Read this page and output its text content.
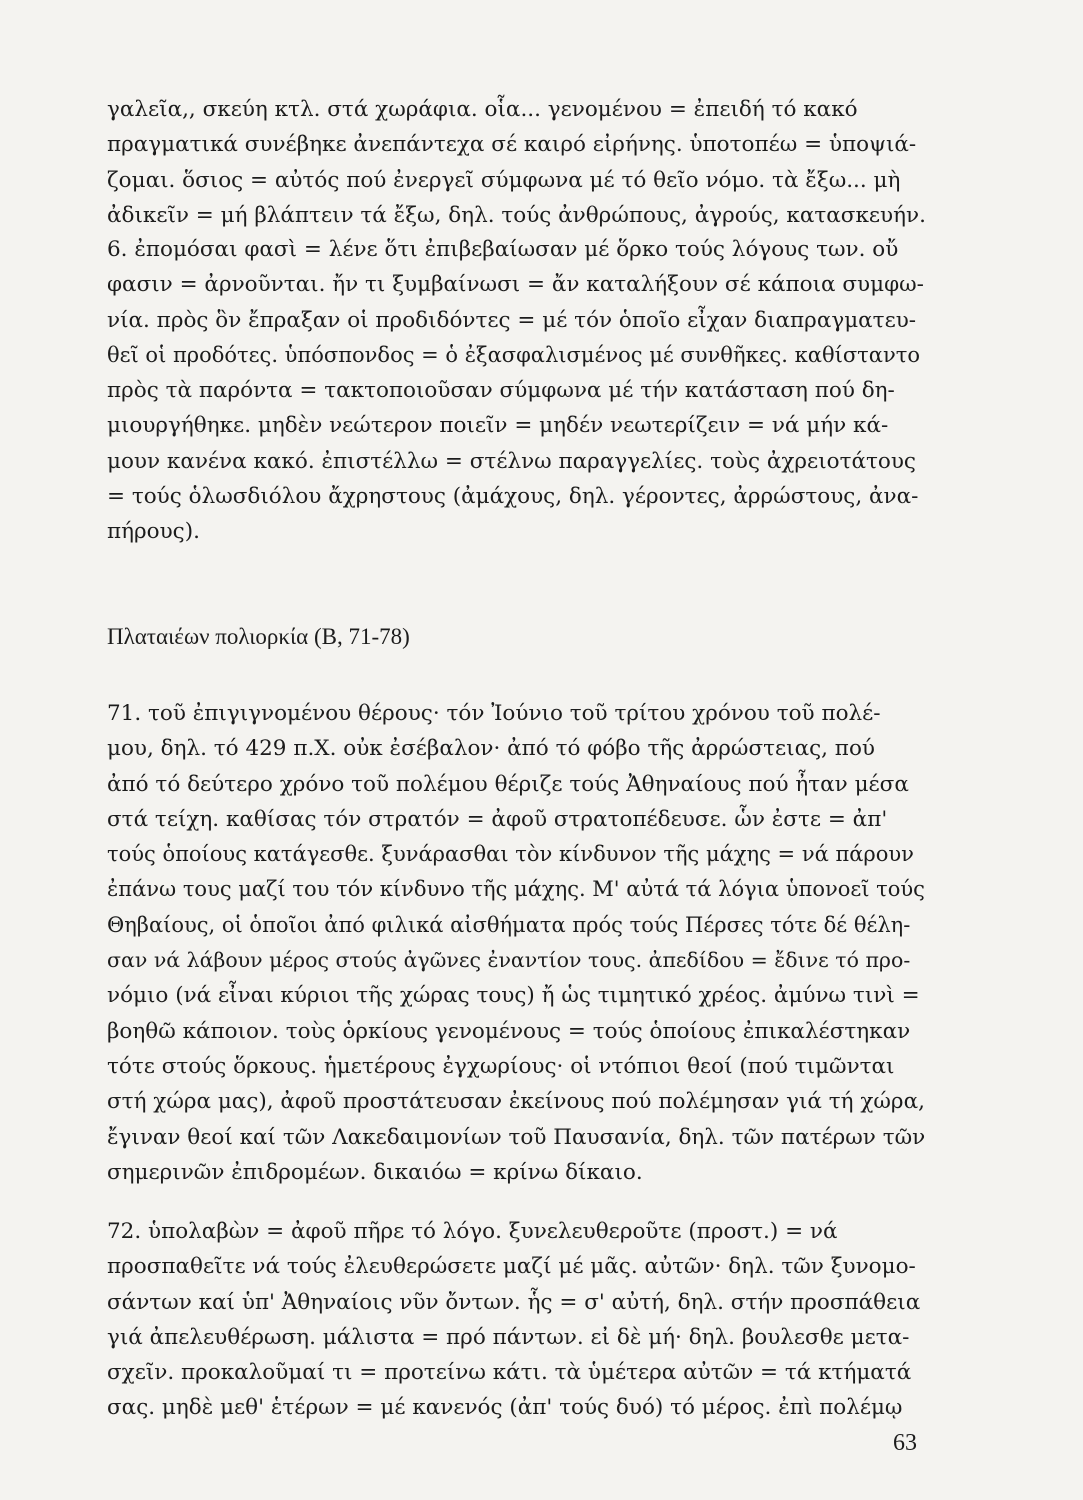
γαλεῖα,, σκεύη κτλ. στά χωράφια. οἷα... γενομένου = ἐπειδή τό κακό
πραγματικά συνέβηκε ἀνεπάντεχα σέ καιρό εἰρήνης. ὑποτοπέω = ὑποψιά-
ζομαι. ὅσιος = αὐτός πού ἐνεργεῖ σύμφωνα μέ τό θεῖο νόμο. τὰ ἔξω... μὴ
ἀδικεῖν = μή βλάπτειν τά ἔξω, δηλ. τούς ἀνθρώπους, ἀγρούς, κατασκευήν.
6. ἐπομόσαι φασὶ = λένε ὅτι ἐπιβεβαίωσαν μέ ὅρκο τούς λόγους των. οὔ
φασιν = ἀρνοῦνται. ἤν τι ξυμβαίνωσι = ἄν καταλήξουν σέ κάποια συμφω-
νία. πρὸς ὃν ἔπραξαν οἱ προδιδόντες = μέ τόν ὁποῖο εἶχαν διαπραγματευ-
θεῖ οἱ προδότες. ὑπόσπονδος = ὁ ἐξασφαλισμένος μέ συνθῆκες. καθίσταντο
πρὸς τὰ παρόντα = τακτοποιοῦσαν σύμφωνα μέ τήν κατάσταση πού δη-
μιουργήθηκε. μηδὲν νεώτερον ποιεῖν = μηδέν νεωτερίζειν = νά μήν κά-
μουν κανένα κακό. ἐπιστέλλω = στέλνω παραγγελίες. τοὺς ἀχρειοτάτους
= τούς ὁλωσδιόλου ἄχρηστους (ἀμάχους, δηλ. γέροντες, ἀρρώστους, ἀνα-
πήρους).
Πλαταιέων πολιορκία (Β, 71-78)
71. τοῦ ἐπιγιγνομένου θέρους· τόν Ἰούνιο τοῦ τρίτου χρόνου τοῦ πολέ-
μου, δηλ. τό 429 π.Χ. οὐκ ἐσέβαλον· ἀπό τό φόβο τῆς ἀρρώστειας, πού
ἀπό τό δεύτερο χρόνο τοῦ πολέμου θέριζε τούς Ἀθηναίους πού ἦταν μέσα
στά τείχη. καθίσας τόν στρατόν = ἀφοῦ στρατοπέδευσε. ὧν ἐστε = ἀπ'
τούς ὁποίους κατάγεσθε. ξυνάρασθαι τὸν κίνδυνον τῆς μάχης = νά πάρουν
ἐπάνω τους μαζί του τόν κίνδυνο τῆς μάχης. Μ' αὐτά τά λόγια ὑπονοεῖ τούς
Θηβαίους, οἱ ὁποῖοι ἀπό φιλικά αἰσθήματα πρός τούς Πέρσες τότε δέ θέλη-
σαν νά λάβουν μέρος στούς ἀγῶνες ἐναντίον τους. ἀπεδίδου = ἔδινε τό προ-
νόμιο (νά εἶναι κύριοι τῆς χώρας τους) ἤ ὡς τιμητικό χρέος. ἀμύνω τινὶ =
βοηθῶ κάποιον. τοὺς ὁρκίους γενομένους = τούς ὁποίους ἐπικαλέστηκαν
τότε στούς ὅρκους. ἡμετέρους ἐγχωρίους· οἱ ντόπιοι θεοί (πού τιμῶνται
στή χώρα μας), ἀφοῦ προστάτευσαν ἐκείνους πού πολέμησαν γιά τή χώρα,
ἔγιναν θεοί καί τῶν Λακεδαιμονίων τοῦ Παυσανία, δηλ. τῶν πατέρων τῶν
σημερινῶν ἐπιδρομέων. δικαιόω = κρίνω δίκαιο.
72. ὑπολαβὼν = ἀφοῦ πῆρε τό λόγο. ξυνελευθεροῦτε (προστ.) = νά
προσπαθεῖτε νά τούς ἐλευθερώσετε μαζί μέ μᾶς. αὐτῶν· δηλ. τῶν ξυνομο-
σάντων καί ὑπ' Ἀθηναίοις νῦν ὄντων. ἧς = σ' αὐτή, δηλ. στήν προσπάθεια
γιά ἀπελευθέρωση. μάλιστα = πρό πάντων. εἰ δὲ μή· δηλ. βουλεσθε μετα-
σχεῖν. προκαλοῦμαί τι = προτείνω κάτι. τὰ ὑμέτερα αὐτῶν = τά κτήματά
σας. μηδὲ μεθ' ἑτέρων = μέ κανενός (ἀπ' τούς δυό) τό μέρος. ἐπὶ πολέμῳ
63
